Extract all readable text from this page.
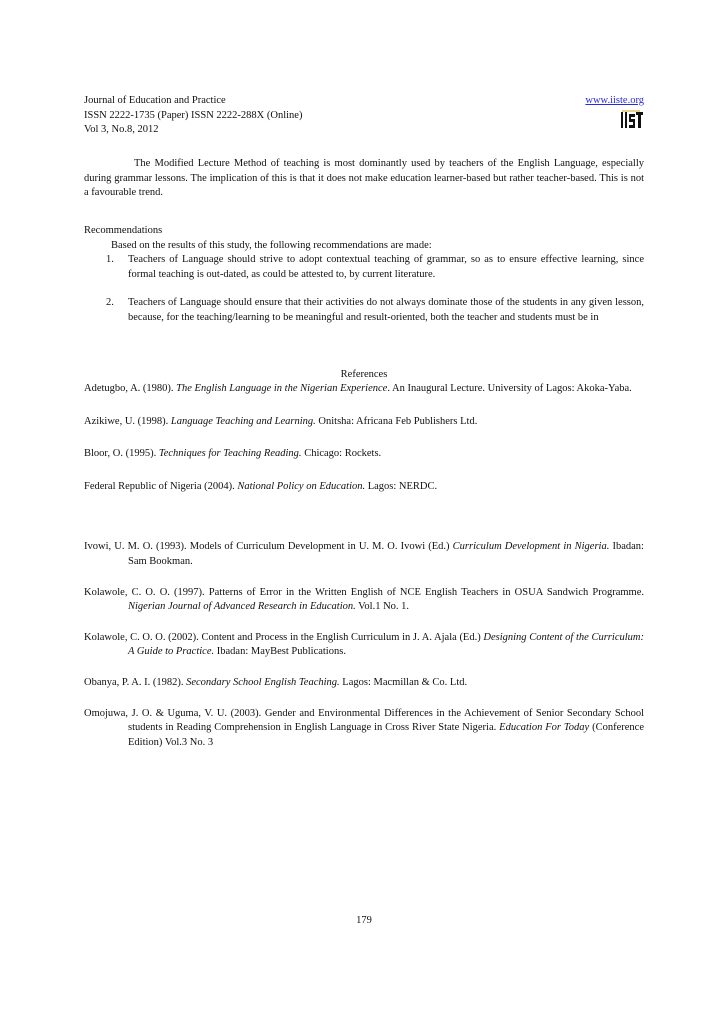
Journal of Education and Practice
ISSN 2222-1735 (Paper) ISSN 2222-288X (Online)
Vol 3, No.8, 2012
www.iiste.org
The Modified Lecture Method of teaching is most dominantly used by teachers of the English Language, especially during grammar lessons. The implication of this is that it does not make education learner-based but rather teacher-based. This is not a favourable trend.
Recommendations
Based on the results of this study, the following recommendations are made:
1. Teachers of Language should strive to adopt contextual teaching of grammar, so as to ensure effective learning, since formal teaching is out-dated, as could be attested to, by current literature.
2. Teachers of Language should ensure that their activities do not always dominate those of the students in any given lesson, because, for the teaching/learning to be meaningful and result-oriented, both the teacher and students must be in
References
Adetugbo, A. (1980). The English Language in the Nigerian Experience. An Inaugural Lecture. University of Lagos: Akoka-Yaba.
Azikiwe, U. (1998). Language Teaching and Learning. Onitsha: Africana Feb Publishers Ltd.
Bloor, O. (1995). Techniques for Teaching Reading. Chicago: Rockets.
Federal Republic of Nigeria (2004). National Policy on Education. Lagos: NERDC.
Ivowi, U. M. O. (1993). Models of Curriculum Development in U. M. O. Ivowi (Ed.) Curriculum Development in Nigeria. Ibadan: Sam Bookman.
Kolawole, C. O. O. (1997). Patterns of Error in the Written English of NCE English Teachers in OSUA Sandwich Programme. Nigerian Journal of Advanced Research in Education. Vol.1 No. 1.
Kolawole, C. O. O. (2002). Content and Process in the English Curriculum in J. A. Ajala (Ed.) Designing Content of the Curriculum: A Guide to Practice. Ibadan: MayBest Publications.
Obanya, P. A. I. (1982). Secondary School English Teaching. Lagos: Macmillan & Co. Ltd.
Omojuwa, J. O. & Uguma, V. U. (2003). Gender and Environmental Differences in the Achievement of Senior Secondary School students in Reading Comprehension in English Language in Cross River State Nigeria. Education For Today (Conference Edition) Vol.3 No. 3
179
